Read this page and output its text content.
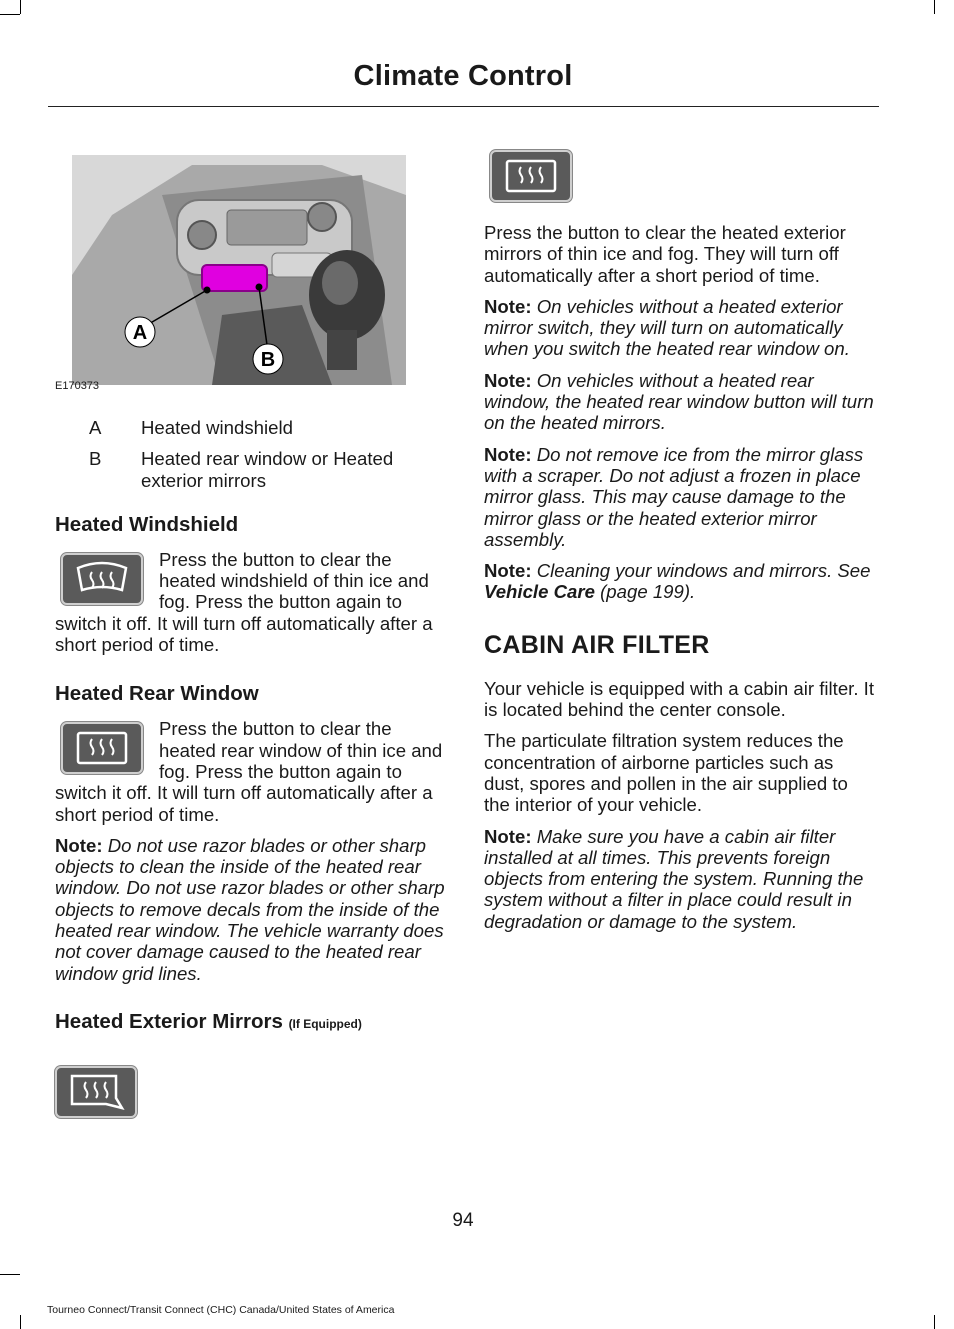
Climate Control
A
B
E170373
A	Heated windshield
B	Heated rear window or Heated exterior mirrors
Heated Windshield

Press the button to clear the heated windshield of thin ice and fog. Press the button again to switch it off. It will turn off automatically after a short period of time.

Heated Rear Window

Press the button to clear the heated rear window of thin ice and fog. Press the button again to switch it off. It will turn off automatically after a short period of time.

Note: Do not use razor blades or other sharp objects to clean the inside of the heated rear window. Do not use razor blades or other sharp objects to remove decals from the inside of the heated rear window. The vehicle warranty does not cover damage caused to the heated rear window grid lines.

Heated Exterior Mirrors (If Equipped)

Press the button to clear the heated exterior mirrors of thin ice and fog. They will turn off automatically after a short period of time.

Note: On vehicles without a heated exterior mirror switch, they will turn on automatically when you switch the heated rear window on.

Note: On vehicles without a heated rear window, the heated rear window button will turn on the heated mirrors.

Note: Do not remove ice from the mirror glass with a scraper. Do not adjust a frozen in place mirror glass. This may cause damage to the mirror glass or the heated exterior mirror assembly.

Note: Cleaning your windows and mirrors. See Vehicle Care (page 199).

CABIN AIR FILTER

Your vehicle is equipped with a cabin air filter. It is located behind the center console.

The particulate filtration system reduces the concentration of airborne particles such as dust, spores and pollen in the air supplied to the interior of your vehicle.

Note: Make sure you have a cabin air filter installed at all times. This prevents foreign objects from entering the system. Running the system without a filter in place could result in degradation or damage to the system.

94
Tourneo Connect/Transit Connect (CHC) Canada/United States of America
